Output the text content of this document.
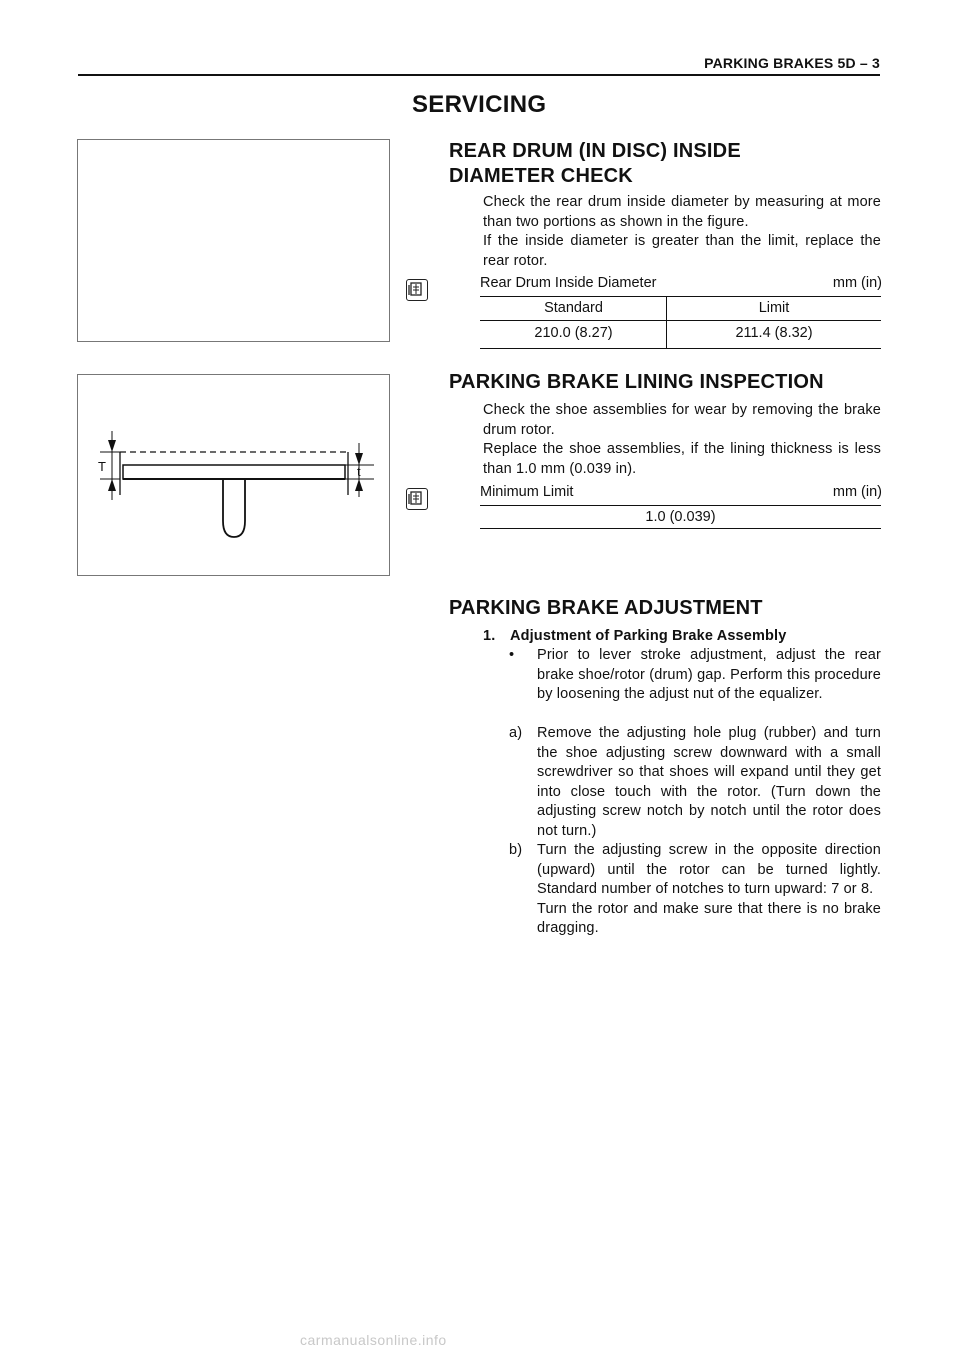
PARKING BRAKES 5D – 3
SERVICING
REAR DRUM (IN DISC) INSIDE
DIAMETER CHECK
Check the rear drum inside diameter by measuring at more than two portions as shown in the figure.
If the inside diameter is greater than the limit, replace the rear rotor.
Rear Drum Inside Diameter	mm (in)
Standard	Limit
210.0 (8.27)	211.4 (8.32)
T	t
PARKING BRAKE LINING INSPECTION
Check the shoe assemblies for wear by removing the brake drum rotor.
Replace the shoe assemblies, if the lining thickness is less than 1.0 mm (0.039 in).
Minimum Limit	mm (in)
1.0 (0.039)
PARKING BRAKE ADJUSTMENT
1. Adjustment of Parking Brake Assembly
• Prior to lever stroke adjustment, adjust the rear brake shoe/rotor (drum) gap. Perform this procedure by loosening the adjust nut of the equalizer.
a) Remove the adjusting hole plug (rubber) and turn the shoe adjusting screw downward with a small screwdriver so that shoes will expand until they get into close touch with the rotor. (Turn down the adjusting screw notch by notch until the rotor does not turn.)
b) Turn the adjusting screw in the opposite direction (upward) until the rotor can be turned lightly. Standard number of notches to turn upward: 7 or 8.
Turn the rotor and make sure that there is no brake dragging.
carmanualsonline.info
